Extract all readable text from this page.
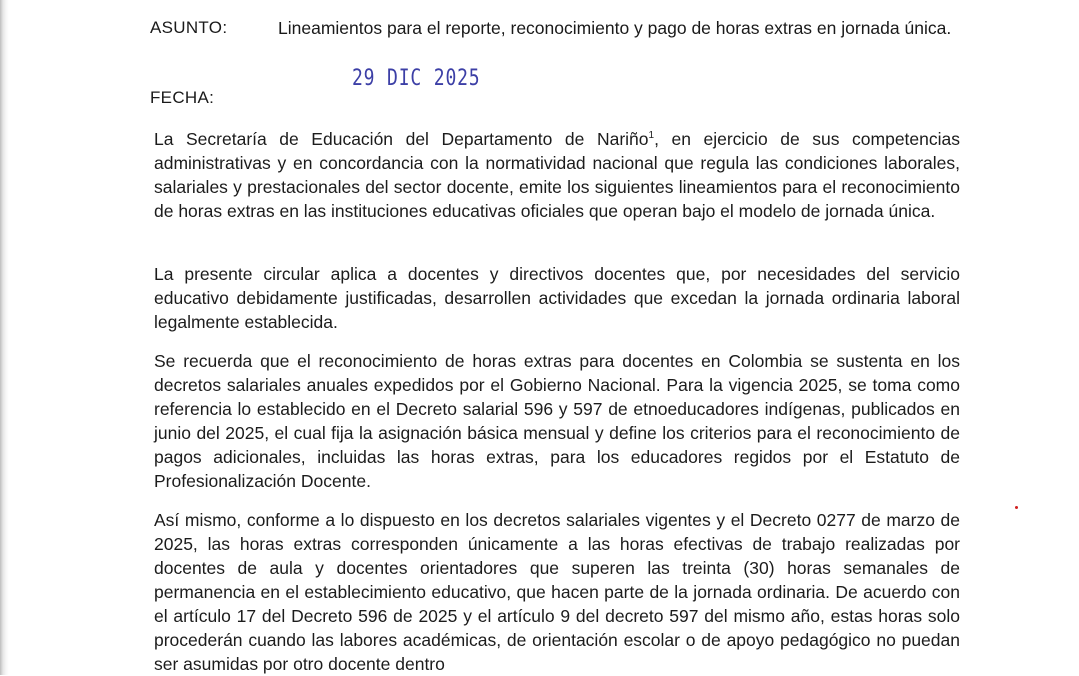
ASUNTO:	Lineamientos para el reporte, reconocimiento y pago de horas extras en jornada única.
29 DIC 2025
FECHA:

La Secretaría de Educación del Departamento de Nariño$^1$, en ejercicio de sus competencias administrativas y en concordancia con la normatividad nacional que regula las condiciones laborales, salariales y prestacionales del sector docente, emite los siguientes lineamientos para el reconocimiento de horas extras en las instituciones educativas oficiales que operan bajo el modelo de jornada única.

La presente circular aplica a docentes y directivos docentes que, por necesidades del servicio educativo debidamente justificadas, desarrollen actividades que excedan la jornada ordinaria laboral legalmente establecida.

Se recuerda que el reconocimiento de horas extras para docentes en Colombia se sustenta en los decretos salariales anuales expedidos por el Gobierno Nacional. Para la vigencia 2025, se toma como referencia lo establecido en el Decreto salarial 596 y 597 de etnoeducadores indígenas, publicados en junio del 2025, el cual fija la asignación básica mensual y define los criterios para el reconocimiento de pagos adicionales, incluidas las horas extras, para los educadores regidos por el Estatuto de Profesionalización Docente.

Así mismo, conforme a lo dispuesto en los decretos salariales vigentes y el Decreto 0277 de marzo de 2025, las horas extras corresponden únicamente a las horas efectivas de trabajo realizadas por docentes de aula y docentes orientadores que superen las treinta (30) horas semanales de permanencia en el establecimiento educativo, que hacen parte de la jornada ordinaria. De acuerdo con el artículo 17 del Decreto 596 de 2025 y el artículo 9 del decreto 597 del mismo año, estas horas solo procederán cuando las labores académicas, de orientación escolar o de apoyo pedagógico no puedan ser asumidas por otro docente dentro
